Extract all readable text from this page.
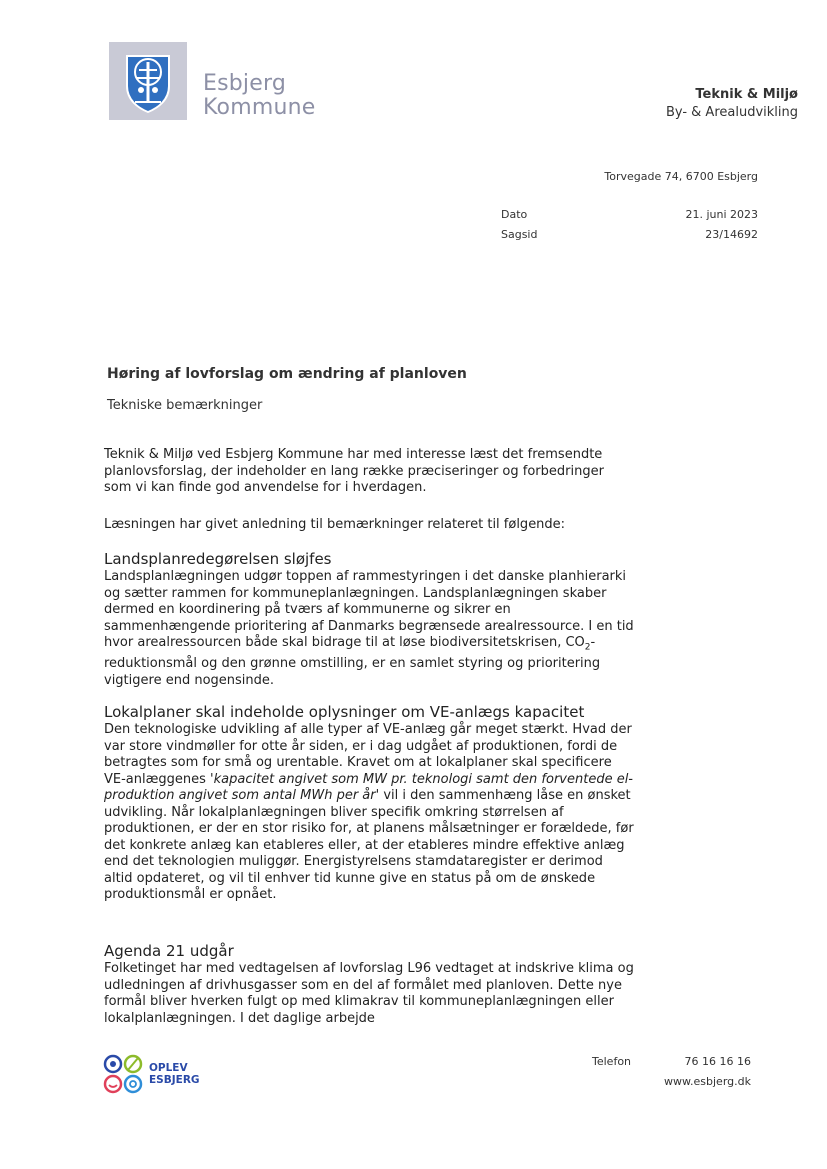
Esbjerg
Kommune
Teknik & Miljø
By- & Arealudvikling
Torvegade 74, 6700 Esbjerg
Dato	21. juni 2023
Sagsid	23/14692
Høring af lovforslag om ændring af planloven
Tekniske bemærkninger

Teknik & Miljø ved Esbjerg Kommune har med interesse læst det fremsendte planlovsforslag, der indeholder en lang række præciseringer og forbedringer som vi kan finde god anvendelse for i hverdagen.

Læsningen har givet anledning til bemærkninger relateret til følgende:

Landsplanredegørelsen sløjfes

Landsplanlægningen udgør toppen af rammestyringen i det danske planhierarki og sætter rammen for kommuneplanlægningen. Landsplanlægningen skaber dermed en koordinering på tværs af kommunerne og sikrer en sammenhængende prioritering af Danmarks begrænsede arealressource. I en tid hvor arealressourcen både skal bidrage til at løse biodiversitetskrisen, $CO_2$-reduktionsmål og den grønne omstilling, er en samlet styring og prioritering vigtigere end nogensinde.

Lokalplaner skal indeholde oplysninger om VE-anlægs kapacitet

Den teknologiske udvikling af alle typer af VE-anlæg går meget stærkt. Hvad der var store vindmøller for otte år siden, er i dag udgået af produktionen, fordi de betragtes som for små og urentable. Kravet om at lokalplaner skal specificere VE-anlæggenes 'kapacitet angivet som MW pr. teknologi samt den forventede el-produktion angivet som antal MWh per år' vil i den sammenhæng låse en ønsket udvikling. Når lokalplanlægningen bliver specifik omkring størrelsen af produktionen, er der en stor risiko for, at planens målsætninger er forældede, før det konkrete anlæg kan etableres eller, at der etableres mindre effektive anlæg end det teknologien muliggør. Energistyrelsens stamdataregister er derimod altid opdateret, og vil til enhver tid kunne give en status på om de ønskede produktionsmål er opnået.

Agenda 21 udgår

Folketinget har med vedtagelsen af lovforslag L96 vedtaget at indskrive klima og udledningen af drivhusgasser som en del af formålet med planloven. Dette nye formål bliver hverken fulgt op med klimakrav til kommuneplanlægningen eller lokalplanlægningen. I det daglige arbejde

OPLEV
ESBJERG
Telefon	76 16 16 16
www.esbjerg.dk
